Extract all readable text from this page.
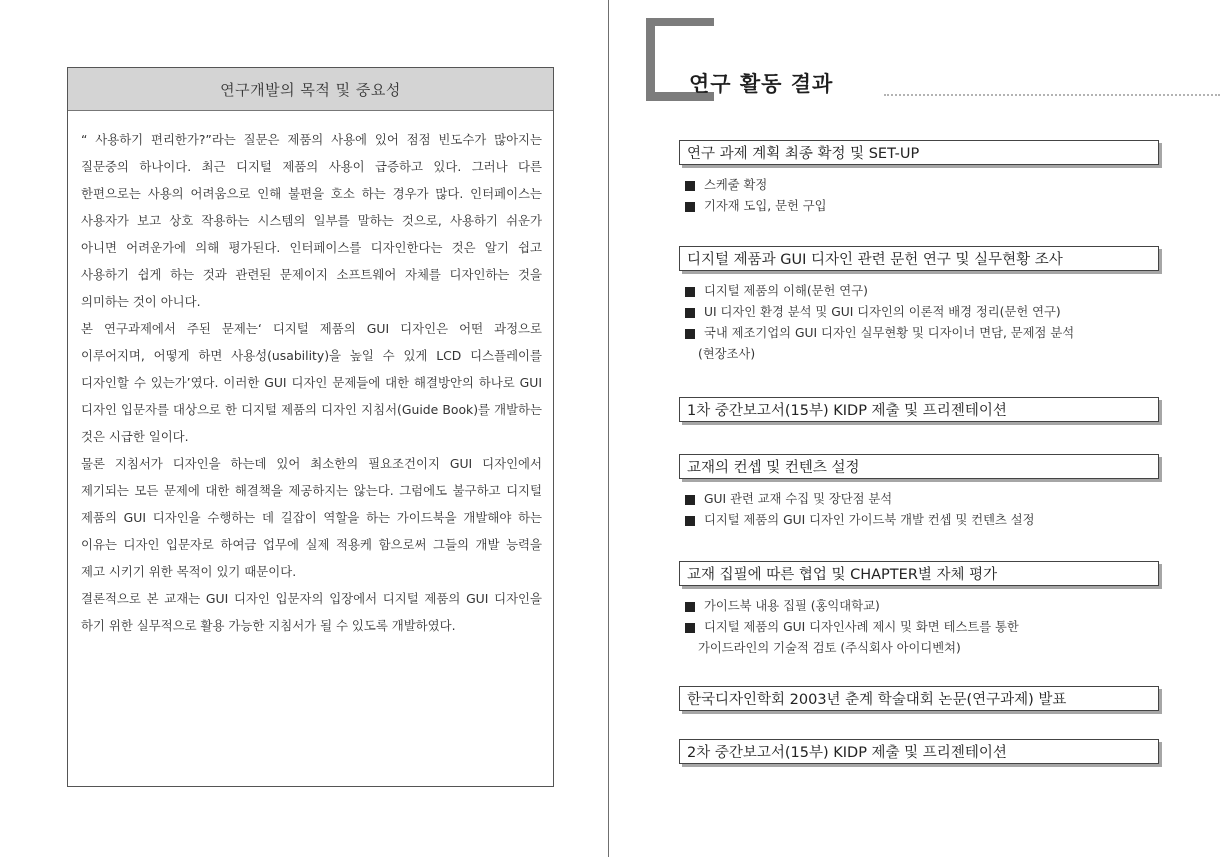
연구개발의 목적 및 중요성

“ 사용하기 편리한가?”라는 질문은 제품의 사용에 있어 점점 빈도수가 많아지는 질문중의 하나이다. 최근 디지털 제품의 사용이 급증하고 있다. 그러나 다른 한편으로는 사용의 어려움으로 인해 불편을 호소 하는 경우가 많다. 인터페이스는 사용자가 보고 상호 작용하는 시스템의 일부를 말하는 것으로, 사용하기 쉬운가 아니면 어려운가에 의해 평가된다. 인터페이스를 디자인한다는 것은 알기 쉽고 사용하기 쉽게 하는 것과 관련된 문제이지 소프트웨어 자체를 디자인하는 것을 의미하는 것이 아니다.

본 연구과제에서 주된 문제는‘ 디지털 제품의 GUI 디자인은 어떤 과정으로 이루어지며, 어떻게 하면 사용성(usability)을 높일 수 있게 LCD 디스플레이를 디자인할 수 있는가’였다. 이러한 GUI 디자인 문제들에 대한 해결방안의 하나로 GUI 디자인 입문자를 대상으로 한 디지털 제품의 디자인 지침서(Guide Book)를 개발하는 것은 시급한 일이다.

물론 지침서가 디자인을 하는데 있어 최소한의 필요조건이지 GUI 디자인에서 제기되는 모든 문제에 대한 해결책을 제공하지는 않는다. 그럼에도 불구하고 디지털 제품의 GUI 디자인을 수행하는 데 길잡이 역할을 하는 가이드북을 개발해야 하는 이유는 디자인 입문자로 하여금 업무에 실제 적용케 함으로써 그들의 개발 능력을 제고 시키기 위한 목적이 있기 때문이다.

결론적으로 본 교재는 GUI 디자인 입문자의 입장에서 디지털 제품의 GUI 디자인을 하기 위한 실무적으로 활용 가능한 지침서가 될 수 있도록 개발하였다.

연구 활동 결과
연구 과제 계획 최종 확정 및 SET-UP
스케줄 확정
기자재 도입, 문헌 구입
디지털 제품과 GUI 디자인 관련 문헌 연구 및 실무현황 조사
디지털 제품의 이해(문헌 연구)
UI 디자인 환경 분석 및 GUI 디자인의 이론적 배경 정리(문헌 연구)
국내 제조기업의 GUI 디자인 실무현황 및 디자이너 면담, 문제점 분석
(현장조사)
1차 중간보고서(15부) KIDP 제출 및 프리젠테이션
교재의 컨셉 및 컨텐츠 설정
GUI 관련 교재 수집 및 장단점 분석
디지털 제품의 GUI 디자인 가이드북 개발 컨셉 및 컨텐츠 설정
교재 집필에 따른 협업 및 CHAPTER별 자체 평가
가이드북 내용 집필 (홍익대학교)
디지털 제품의 GUI 디자인사례 제시 및 화면 테스트를 통한
가이드라인의 기술적 검토 (주식회사 아이디벤쳐)
한국디자인학회 2003년 춘계 학술대회 논문(연구과제) 발표
2차 중간보고서(15부) KIDP 제출 및 프리젠테이션
